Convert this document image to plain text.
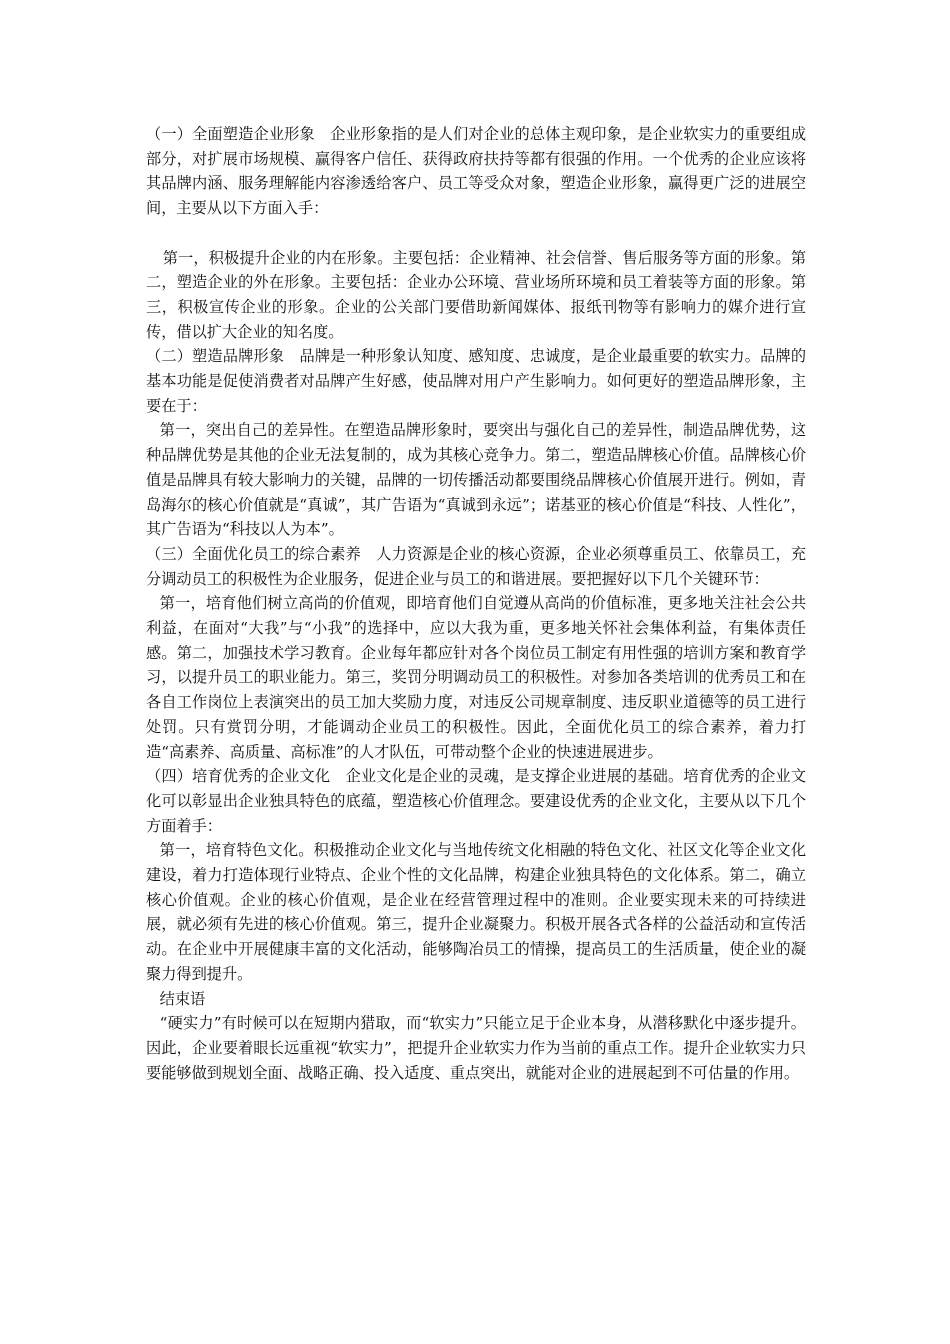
（一）全面塑造企业形象　企业形象指的是人们对企业的总体主观印象，是企业软实力的重要组成部分，对扩展市场规模、赢得客户信任、获得政府扶持等都有很强的作用。一个优秀的企业应该将其品牌内涵、服务理解能内容渗透给客户、员工等受众对象，塑造企业形象，赢得更广泛的进展空间，主要从以下方面入手：

第一，积极提升企业的内在形象。主要包括：企业精神、社会信誉、售后服务等方面的形象。第二，塑造企业的外在形象。主要包括：企业办公环境、营业场所环境和员工着装等方面的形象。第三，积极宣传企业的形象。企业的公关部门要借助新闻媒体、报纸刊物等有影响力的媒介进行宣传，借以扩大企业的知名度。

（二）塑造品牌形象　品牌是一种形象认知度、感知度、忠诚度，是企业最重要的软实力。品牌的基本功能是促使消费者对品牌产生好感，使品牌对用户产生影响力。如何更好的塑造品牌形象，主要在于：

第一，突出自己的差异性。在塑造品牌形象时，要突出与强化自己的差异性，制造品牌优势，这种品牌优势是其他的企业无法复制的，成为其核心竞争力。第二，塑造品牌核心价值。品牌核心价值是品牌具有较大影响力的关键，品牌的一切传播活动都要围绕品牌核心价值展开进行。例如，青岛海尔的核心价值就是“真诚”，其广告语为“真诚到永远”；诺基亚的核心价值是“科技、人性化”，其广告语为“科技以人为本”。

（三）全面优化员工的综合素养　人力资源是企业的核心资源，企业必须尊重员工、依靠员工，充分调动员工的积极性为企业服务，促进企业与员工的和谐进展。要把握好以下几个关键环节：

第一，培育他们树立高尚的价值观，即培育他们自觉遵从高尚的价值标准，更多地关注社会公共利益，在面对“大我”与“小我”的选择中，应以大我为重，更多地关怀社会集体利益，有集体责任感。第二，加强技术学习教育。企业每年都应针对各个岗位员工制定有用性强的培训方案和教育学习，以提升员工的职业能力。第三，奖罚分明调动员工的积极性。对参加各类培训的优秀员工和在各自工作岗位上表演突出的员工加大奖励力度，对违反公司规章制度、违反职业道德等的员工进行处罚。只有赏罚分明，才能调动企业员工的积极性。因此，全面优化员工的综合素养，着力打造“高素养、高质量、高标准”的人才队伍，可带动整个企业的快速进展进步。

（四）培育优秀的企业文化　企业文化是企业的灵魂，是支撑企业进展的基础。培育优秀的企业文化可以彰显出企业独具特色的底蕴，塑造核心价值理念。要建设优秀的企业文化，主要从以下几个方面着手：

第一，培育特色文化。积极推动企业文化与当地传统文化相融的特色文化、社区文化等企业文化建设，着力打造体现行业特点、企业个性的文化品牌，构建企业独具特色的文化体系。第二，确立核心价值观。企业的核心价值观，是企业在经营管理过程中的准则。企业要实现未来的可持续进展，就必须有先进的核心价值观。第三，提升企业凝聚力。积极开展各式各样的公益活动和宣传活动。在企业中开展健康丰富的文化活动，能够陶冶员工的情操，提高员工的生活质量，使企业的凝聚力得到提升。

结束语

“硬实力”有时候可以在短期内猎取，而“软实力”只能立足于企业本身，从潜移默化中逐步提升。因此，企业要着眼长远重视“软实力”，把提升企业软实力作为当前的重点工作。提升企业软实力只要能够做到规划全面、战略正确、投入适度、重点突出，就能对企业的进展起到不可估量的作用。
